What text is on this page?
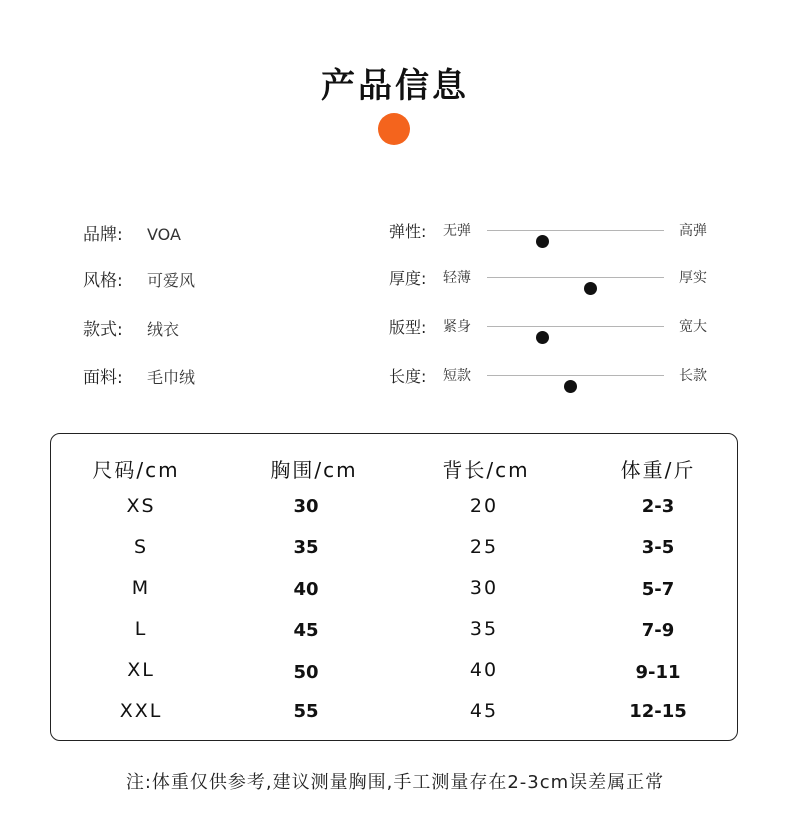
产品信息
品牌: VOA
风格: 可爱风
款式: 绒衣
面料: 毛巾绒
弹性: 无弹	高弹
厚度: 轻薄	厚实
版型: 紧身	宽大
长度: 短款	长款
尺码/cm	胸围/cm	背长/cm	体重/斤
XS	30	20	2-3
S	35	25	3-5
M	40	30	5-7
L	45	35	7-9
XL	50	40	9-11
XXL	55	45	12-15
注:体重仅供参考,建议测量胸围,手工测量存在2-3cm误差属正常
